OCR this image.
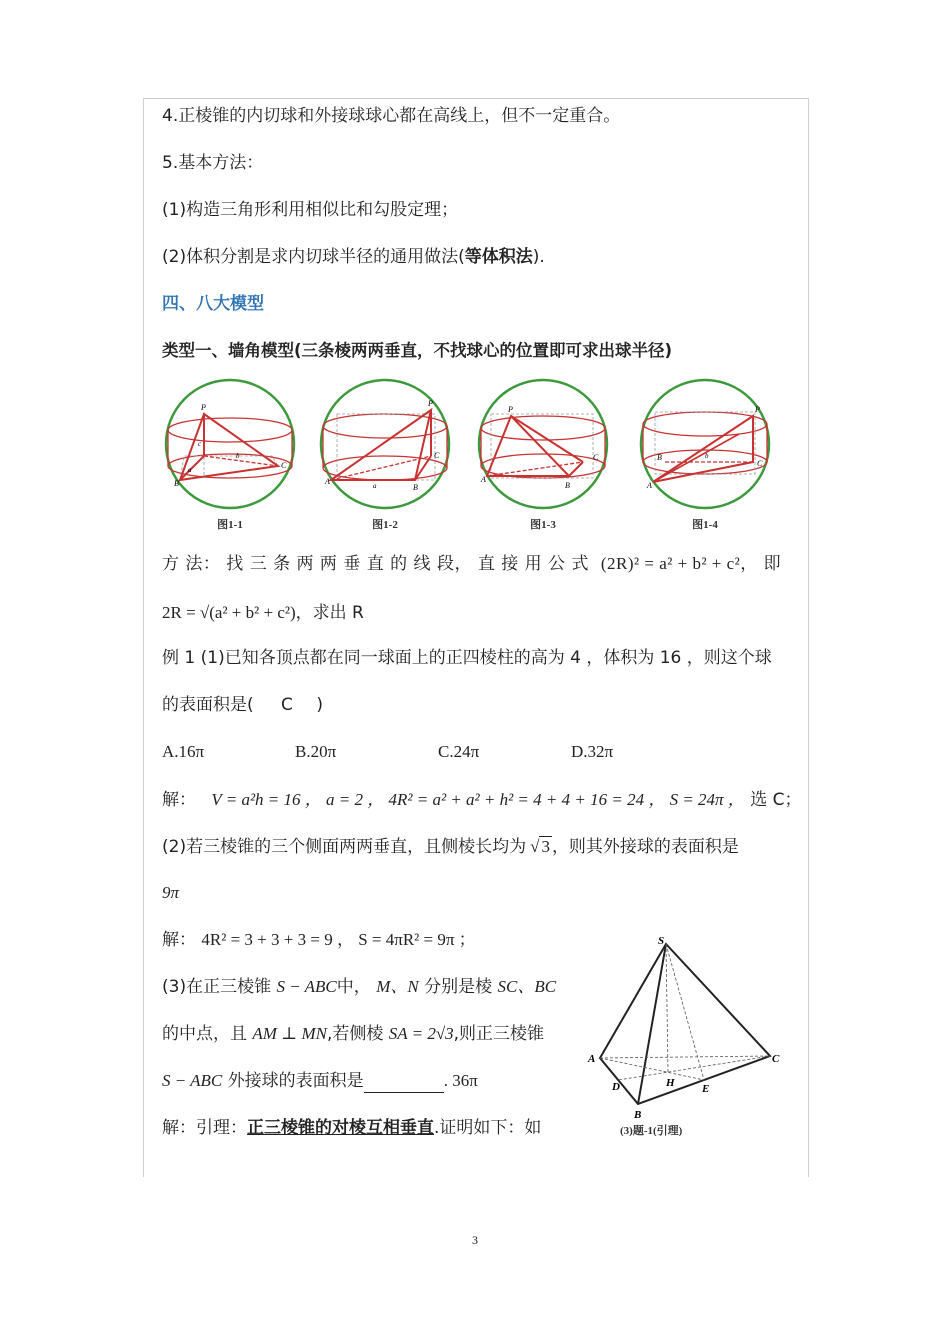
4.正棱锥的内切球和外接球球心都在高线上，但不一定重合。
5.基本方法：
(1)构造三角形利用相似比和勾股定理；
(2)体积分割是求内切球半径的通用做法(等体积法).
四、八大模型
类型一、墙角模型(三条棱两两垂直，不找球心的位置即可求出球半径)
P
B
C
c
b
a
图1-1
P
A
B
C
a
图1-2
P
A
B
C
图1-3
P
A
B
C
b
图1-4
方 法： 找 三 条 两 两 垂 直 的 线 段， 直 接 用 公 式 (2R)² = a² + b² + c²， 即
2R = √(a² + b² + c²)，求出 R
例 1 (1)已知各顶点都在同一球面上的正四棱柱的高为 4 ，体积为 16 ，则这个球
的表面积是( C )
A.16π	B.20π	C.24π	D.32π
解： V = a²h = 16 ， a = 2 ， 4R² = a² + a² + h² = 4 + 4 + 16 = 24 ， S = 24π ， 选 C；
(2)若三棱锥的三个侧面两两垂直，且侧棱长均为 √ 3 ，则其外接球的表面积是
9π
解： 4R² = 3 + 3 + 3 = 9 ， S = 4πR² = 9π ；
(3)在正三棱锥 S − ABC中， M、N 分别是棱 SC、BC
的中点，且 AM ⊥ MN,若侧棱 SA = 2√3,则正三棱锥
S − ABC 外接球的表面积是	. 36π
解：引理：正三棱锥的对棱互相垂直.证明如下：如
S
A
B
C
D	H E
(3)题-1(引理)
3
